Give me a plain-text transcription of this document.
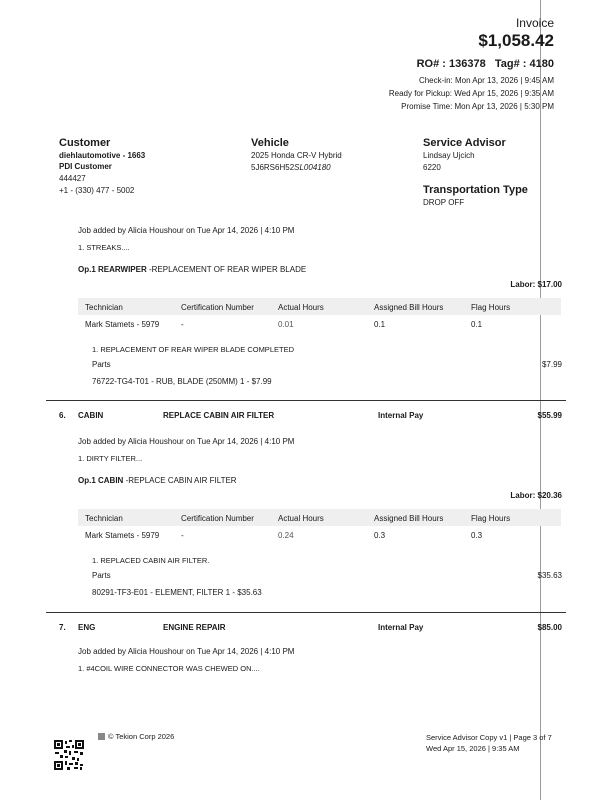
Invoice
$1,058.42
RO# : 136378 Tag# : 4180
Check-in: Mon Apr 13, 2026 | 9:45 AM
Ready for Pickup: Wed Apr 15, 2026 | 9:35 AM
Promise Time: Mon Apr 13, 2026 | 5:30 PM
Customer
diehlautomotive - 1663
PDI Customer
444427
+1 - (330) 477 - 5002
Vehicle
2025 Honda CR-V Hybrid
5J6RS6H52SL004180
Service Advisor
Lindsay Ujcich
6220
Transportation Type
DROP OFF
Job added by Alicia Houshour on Tue Apr 14, 2026 | 4:10 PM
1. STREAKS....
Op.1 REARWIPER -REPLACEMENT OF REAR WIPER BLADE
Labor: $17.00
Technician	Certification Number	Actual Hours	Assigned Bill Hours	Flag Hours
Mark Stamets - 5979	-	0.01	0.1	0.1
1. REPLACEMENT OF REAR WIPER BLADE COMPLETED
Parts	$7.99
76722-TG4-T01 - RUB, BLADE (250MM) 1 - $7.99
6. CABIN	REPLACE CABIN AIR FILTER	Internal Pay	$55.99
Job added by Alicia Houshour on Tue Apr 14, 2026 | 4:10 PM
1. DIRTY FILTER...
Op.1 CABIN -REPLACE CABIN AIR FILTER
Labor: $20.36
Technician	Certification Number	Actual Hours	Assigned Bill Hours	Flag Hours
Mark Stamets - 5979	-	0.24	0.3	0.3
1. REPLACED CABIN AIR FILTER.
Parts	$35.63
80291-TF3-E01 - ELEMENT, FILTER 1 - $35.63
7. ENG	ENGINE REPAIR	Internal Pay	$85.00
Job added by Alicia Houshour on Tue Apr 14, 2026 | 4:10 PM
1. #4COIL WIRE CONNECTOR WAS CHEWED ON....
© Tekion Corp 2026	Service Advisor Copy v1 | Page 3 of 7
Wed Apr 15, 2026 | 9:35 AM
